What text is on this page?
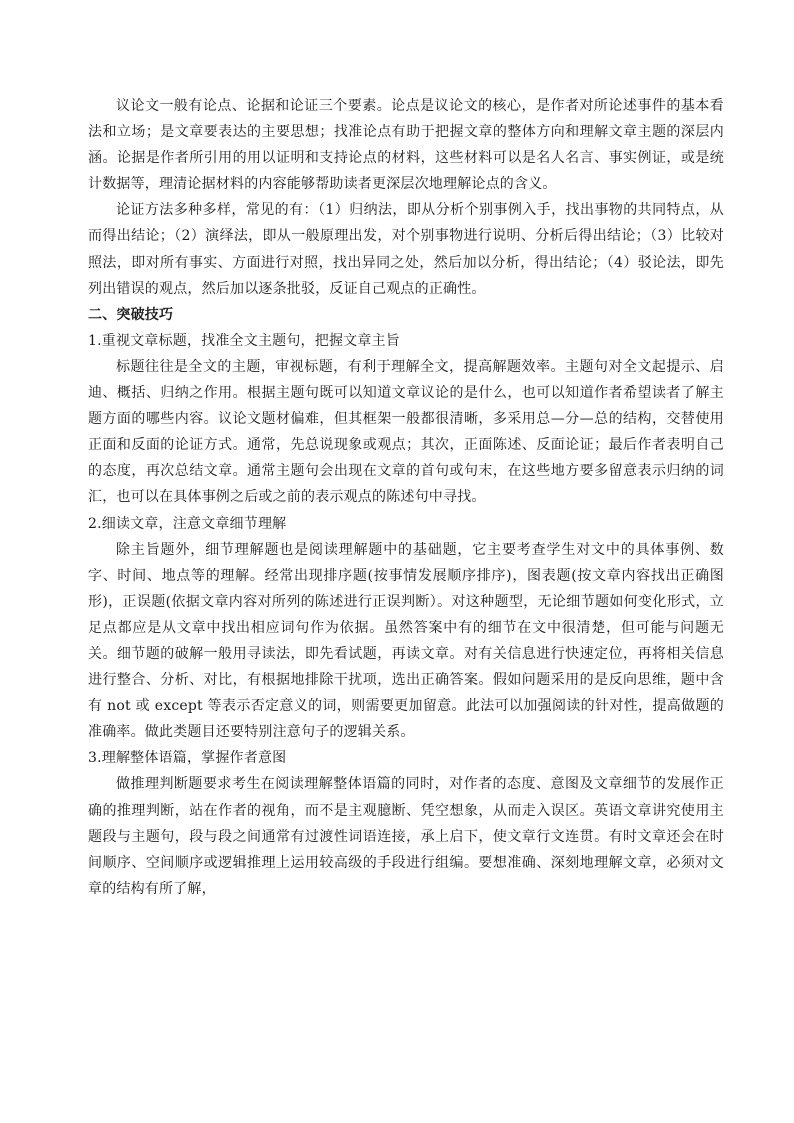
议论文一般有论点、论据和论证三个要素。论点是议论文的核心，是作者对所论述事件的基本看法和立场；是文章要表达的主要思想；找准论点有助于把握文章的整体方向和理解文章主题的深层内涵。论据是作者所引用的用以证明和支持论点的材料，这些材料可以是名人名言、事实例证，或是统计数据等，理清论据材料的内容能够帮助读者更深层次地理解论点的含义。

论证方法多种多样，常见的有：（1）归纳法，即从分析个别事例入手，找出事物的共同特点，从而得出结论；（2）演绎法，即从一般原理出发，对个别事物进行说明、分析后得出结论；（3）比较对照法，即对所有事实、方面进行对照，找出异同之处，然后加以分析，得出结论；（4）驳论法，即先列出错误的观点，然后加以逐条批驳，反证自己观点的正确性。

二、突破技巧

1.重视文章标题，找准全文主题句，把握文章主旨

标题往往是全文的主题，审视标题，有利于理解全文，提高解题效率。主题句对全文起提示、启迪、概括、归纳之作用。根据主题句既可以知道文章议论的是什么，也可以知道作者希望读者了解主题方面的哪些内容。议论文题材偏难，但其框架一般都很清晰，多采用总—分—总的结构，交替使用正面和反面的论证方式。通常，先总说现象或观点；其次，正面陈述、反面论证；最后作者表明自己的态度，再次总结文章。通常主题句会出现在文章的首句或句末，在这些地方要多留意表示归纳的词汇，也可以在具体事例之后或之前的表示观点的陈述句中寻找。

2.细读文章，注意文章细节理解

除主旨题外，细节理解题也是阅读理解题中的基础题，它主要考查学生对文中的具体事例、数字、时间、地点等的理解。经常出现排序题(按事情发展顺序排序)，图表题(按文章内容找出正确图形)，正误题(依据文章内容对所列的陈述进行正误判断）。对这种题型，无论细节题如何变化形式，立足点都应是从文章中找出相应词句作为依据。虽然答案中有的细节在文中很清楚，但可能与问题无关。细节题的破解一般用寻读法，即先看试题，再读文章。对有关信息进行快速定位，再将相关信息进行整合、分析、对比，有根据地排除干扰项，选出正确答案。假如问题采用的是反向思维，题中含有 not 或 except 等表示否定意义的词，则需要更加留意。此法可以加强阅读的针对性，提高做题的准确率。做此类题目还要特别注意句子的逻辑关系。

3.理解整体语篇，掌握作者意图

做推理判断题要求考生在阅读理解整体语篇的同时，对作者的态度、意图及文章细节的发展作正确的推理判断，站在作者的视角，而不是主观臆断、凭空想象，从而走入误区。英语文章讲究使用主题段与主题句，段与段之间通常有过渡性词语连接，承上启下，使文章行文连贯。有时文章还会在时间顺序、空间顺序或逻辑推理上运用较高级的手段进行组编。要想准确、深刻地理解文章，必须对文章的结构有所了解，
